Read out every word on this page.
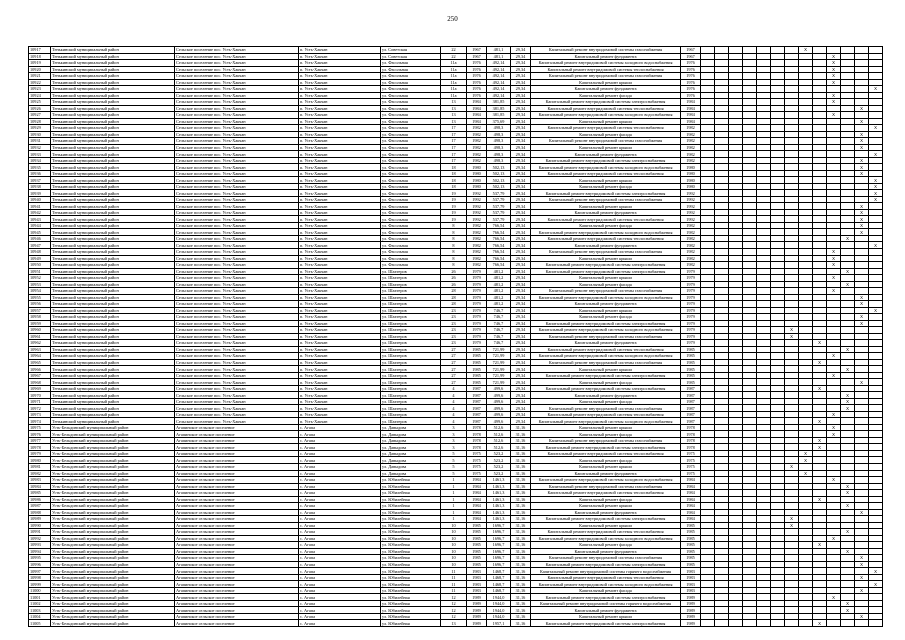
250
10917	Тенькинский муниципальный район	Сельское поселение пос. Усть-Хакчан	п. Усть-Хакчан	ул. Советская	22	1967	481,1	29,34	Капитальный ремонт внутридомовой системы газоснабжения	1967								X					
10918	Тенькинский муниципальный район	Сельское поселение пос. Усть-Хакчан	п. Усть-Хакчан	ул. Советская	22	1967	481,1	29,34	Капитальный ремонт фундамента	1967										X			
10919	Тенькинский муниципальный район	Сельское поселение пос. Усть-Хакчан	п. Усть-Хакчан	ул. Фасольная	11а	1976	492,14	29,34	Капитальный ремонт внутридомовой системы холодного водоснабжения	1976										X			
10920	Тенькинский муниципальный район	Сельское поселение пос. Усть-Хакчан	п. Усть-Хакчан	ул. Фасольная	11а	1976	492,14	29,34	Капитальный ремонт внутридомовой системы теплоснабжения	1976										X			
10921	Тенькинский муниципальный район	Сельское поселение пос. Усть-Хакчан	п. Усть-Хакчан	ул. Фасольная	11а	1976	492,14	29,34	Капитальный ремонт внутридомовой системы газоснабжения	1976										X			
10922	Тенькинский муниципальный район	Сельское поселение пос. Усть-Хакчан	п. Усть-Хакчан	ул. Фасольная	11а	1976	492,14	29,34	Капитальный ремонт крыши	1976										X			
10923	Тенькинский муниципальный район	Сельское поселение пос. Усть-Хакчан	п. Усть-Хакчан	ул. Фасольная	11а	1976	492,14	29,34	Капитальный ремонт фундамента	1976													X
10924	Тенькинский муниципальный район	Сельское поселение пос. Усть-Хакчан	п. Усть-Хакчан	ул. Фасольная	11а	1976	492,14	29,34	Капитальный ремонт фасада	1976										X			
10925	Тенькинский муниципальный район	Сельское поселение пос. Усть-Хакчан	п. Усть-Хакчан	ул. Фасольная	13	1984	381,85	29,34	Капитальный ремонт внутридомовой системы электроснабжения	1984										X			
10926	Тенькинский муниципальный район	Сельское поселение пос. Усть-Хакчан	п. Усть-Хакчан	ул. Фасольная	13	1984	381,85	29,34	Капитальный ремонт внутридомовой системы теплоснабжения	1984												X	
10927	Тенькинский муниципальный район	Сельское поселение пос. Усть-Хакчан	п. Усть-Хакчан	ул. Фасольная	13	1984	381,85	29,34	Капитальный ремонт внутридомовой системы холодного водоснабжения	1984										X			
10928	Тенькинский муниципальный район	Сельское поселение пос. Усть-Хакчан	п. Усть-Хакчан	ул. Фасольная	13	1984	375,69	29,34	Капитальный ремонт крыши	1984												X	
10929	Тенькинский муниципальный район	Сельское поселение пос. Усть-Хакчан	п. Усть-Хакчан	ул. Фасольная	17	1982	498,3	29,34	Капитальный ремонт внутридомовой системы теплоснабжения	1982													X
10930	Тенькинский муниципальный район	Сельское поселение пос. Усть-Хакчан	п. Усть-Хакчан	ул. Фасольная	17	1982	498,3	29,34	Капитальный ремонт фасада	1982												X	
10931	Тенькинский муниципальный район	Сельское поселение пос. Усть-Хакчан	п. Усть-Хакчан	ул. Фасольная	17	1982	498,3	29,34	Капитальный ремонт внутридомовой системы газоснабжения	1982												X	
10932	Тенькинский муниципальный район	Сельское поселение пос. Усть-Хакчан	п. Усть-Хакчан	ул. Фасольная	17	1982	498,3	29,34	Капитальный ремонт крыши	1982												X	
10933	Тенькинский муниципальный район	Сельское поселение пос. Усть-Хакчан	п. Усть-Хакчан	ул. Фасольная	17	1982	498,3	29,34	Капитальный ремонт фундамента	1982													X
10934	Тенькинский муниципальный район	Сельское поселение пос. Усть-Хакчан	п. Усть-Хакчан	ул. Фасольная	17	1982	498,3	29,34	Капитальный ремонт внутридомовой системы электроснабжения	1982												X	
10935	Тенькинский муниципальный район	Сельское поселение пос. Усть-Хакчан	п. Усть-Хакчан	ул. Фасольная	18	1980	502,13	29,34	Капитальный ремонт внутридомовой системы холодного водоснабжения	1980												X	
10936	Тенькинский муниципальный район	Сельское поселение пос. Усть-Хакчан	п. Усть-Хакчан	ул. Фасольная	18	1980	502,13	29,34	Капитальный ремонт внутридомовой системы теплоснабжения	1980												X	
10937	Тенькинский муниципальный район	Сельское поселение пос. Усть-Хакчан	п. Усть-Хакчан	ул. Фасольная	18	1980	502,13	29,34	Капитальный ремонт крыши	1980													X
10938	Тенькинский муниципальный район	Сельское поселение пос. Усть-Хакчан	п. Усть-Хакчан	ул. Фасольная	18	1980	502,13	29,34	Капитальный ремонт фасада	1980													X
10939	Тенькинский муниципальный район	Сельское поселение пос. Усть-Хакчан	п. Усть-Хакчан	ул. Фасольная	19	1992	537,79	29,34	Капитальный ремонт внутридомовой системы электроснабжения	1992													X
10940	Тенькинский муниципальный район	Сельское поселение пос. Усть-Хакчан	п. Усть-Хакчан	ул. Фасольная	19	1992	537,79	29,34	Капитальный ремонт внутридомовой системы газоснабжения	1992													X
10941	Тенькинский муниципальный район	Сельское поселение пос. Усть-Хакчан	п. Усть-Хакчан	ул. Фасольная	19	1992	537,79	29,34	Капитальный ремонт крыши	1992												X	
10942	Тенькинский муниципальный район	Сельское поселение пос. Усть-Хакчан	п. Усть-Хакчан	ул. Фасольная	19	1992	537,79	29,34	Капитальный ремонт фундамента	1992												X	
10943	Тенькинский муниципальный район	Сельское поселение пос. Усть-Хакчан	п. Усть-Хакчан	ул. Фасольная	19	1992	537,79	29,34	Капитальный ремонт внутридомовой системы теплоснабжения	1992												X	
10944	Тенькинский муниципальный район	Сельское поселение пос. Усть-Хакчан	п. Усть-Хакчан	ул. Фасольная	8	1982	766,54	29,34	Капитальный ремонт фасада	1982												X	
10945	Тенькинский муниципальный район	Сельское поселение пос. Усть-Хакчан	п. Усть-Хакчан	ул. Фасольная	8	1982	766,54	29,34	Капитальный ремонт внутридомовой системы холодного водоснабжения	1982												X	
10946	Тенькинский муниципальный район	Сельское поселение пос. Усть-Хакчан	п. Усть-Хакчан	ул. Фасольная	8	1982	766,54	29,34	Капитальный ремонт внутридомовой системы теплоснабжения	1982											X		
10947	Тенькинский муниципальный район	Сельское поселение пос. Усть-Хакчан	п. Усть-Хакчан	ул. Фасольная	8	1982	766,54	29,34	Капитальный ремонт фундамента	1982													X
10948	Тенькинский муниципальный район	Сельское поселение пос. Усть-Хакчан	п. Усть-Хакчан	ул. Фасольная	8	1982	766,54	29,34	Капитальный ремонт внутридомовой системы газоснабжения	1982										X			
10949	Тенькинский муниципальный район	Сельское поселение пос. Усть-Хакчан	п. Усть-Хакчан	ул. Фасольная	8	1982	766,54	29,34	Капитальный ремонт крыши	1982										X			
10950	Тенькинский муниципальный район	Сельское поселение пос. Усть-Хакчан	п. Усть-Хакчан	ул. Фасольная	8	1982	766,54	29,34	Капитальный ремонт внутридомовой системы электроснабжения	1982										X			
10951	Тенькинский муниципальный район	Сельское поселение пос. Усть-Хакчан	п. Усть-Хакчан	ул. Шахтеров	26	1979	481,2	29,34	Капитальный ремонт внутридомовой системы электроснабжения	1979											X		
10952	Тенькинский муниципальный район	Сельское поселение пос. Усть-Хакчан	п. Усть-Хакчан	ул. Шахтеров	26	1979	481,2	29,34	Капитальный ремонт крыши	1979										X			
10953	Тенькинский муниципальный район	Сельское поселение пос. Усть-Хакчан	п. Усть-Хакчан	ул. Шахтеров	26	1979	481,2	29,34	Капитальный ремонт фасада	1979											X		
10954	Тенькинский муниципальный район	Сельское поселение пос. Усть-Хакчан	п. Усть-Хакчан	ул. Шахтеров	28	1979	481,2	29,34	Капитальный ремонт внутридомовой системы газоснабжения	1979										X			
10955	Тенькинский муниципальный район	Сельское поселение пос. Усть-Хакчан	п. Усть-Хакчан	ул. Шахтеров	28	1979	481,2	29,34	Капитальный ремонт внутридомовой системы холодного водоснабжения	1979												X	
10956	Тенькинский муниципальный район	Сельское поселение пос. Усть-Хакчан	п. Усть-Хакчан	ул. Шахтеров	28	1979	481,2	29,34	Капитальный ремонт фундамента	1979												X	
10957	Тенькинский муниципальный район	Сельское поселение пос. Усть-Хакчан	п. Усть-Хакчан	ул. Шахтеров	23	1979	746,7	29,34	Капитальный ремонт крыши	1979													X
10958	Тенькинский муниципальный район	Сельское поселение пос. Усть-Хакчан	п. Усть-Хакчан	ул. Шахтеров	23	1979	746,7	29,34	Капитальный ремонт фасада	1979												X	
10959	Тенькинский муниципальный район	Сельское поселение пос. Усть-Хакчан	п. Усть-Хакчан	ул. Шахтеров	23	1979	746,7	29,34	Капитальный ремонт внутридомовой системы электроснабжения	1979												X	
10960	Тенькинский муниципальный район	Сельское поселение пос. Усть-Хакчан	п. Усть-Хакчан	ул. Шахтеров	23	1979	746,7	29,34	Капитальный ремонт внутридомовой системы холодного водоснабжения	1979							X						
10961	Тенькинский муниципальный район	Сельское поселение пос. Усть-Хакчан	п. Усть-Хакчан	ул. Шахтеров	23	1979	746,7	29,34	Капитальный ремонт внутридомовой системы газоснабжения	1979							X						
10962	Тенькинский муниципальный район	Сельское поселение пос. Усть-Хакчан	п. Усть-Хакчан	ул. Шахтеров	23	1979	746,7	29,34	Капитальный ремонт фундамента	1979									X				
10963	Тенькинский муниципальный район	Сельское поселение пос. Усть-Хакчан	п. Усть-Хакчан	ул. Шахтеров	27	1985	721,99	29,34	Капитальный ремонт внутридомовой системы теплоснабжения	1985											X		
10964	Тенькинский муниципальный район	Сельское поселение пос. Усть-Хакчан	п. Усть-Хакчан	ул. Шахтеров	27	1985	721,99	29,34	Капитальный ремонт внутридомовой системы холодного водоснабжения	1985										X			
10965	Тенькинский муниципальный район	Сельское поселение пос. Усть-Хакчан	п. Усть-Хакчан	ул. Шахтеров	27	1985	721,99	29,34	Капитальный ремонт внутридомовой системы газоснабжения	1985									X				
10966	Тенькинский муниципальный район	Сельское поселение пос. Усть-Хакчан	п. Усть-Хакчан	ул. Шахтеров	27	1985	721,99	29,34	Капитальный ремонт крыши	1985											X		
10967	Тенькинский муниципальный район	Сельское поселение пос. Усть-Хакчан	п. Усть-Хакчан	ул. Шахтеров	27	1985	721,99	29,34	Капитальный ремонт внутридомовой системы электроснабжения	1985										X			
10968	Тенькинский муниципальный район	Сельское поселение пос. Усть-Хакчан	п. Усть-Хакчан	ул. Шахтеров	27	1985	721,99	29,34	Капитальный ремонт фасада	1985												X	
10969	Тенькинский муниципальный район	Сельское поселение пос. Усть-Хакчан	п. Усть-Хакчан	ул. Шахтеров	4	1987	499,6	29,34	Капитальный ремонт внутридомовой системы электроснабжения	1987									X				
10970	Тенькинский муниципальный район	Сельское поселение пос. Усть-Хакчан	п. Усть-Хакчан	ул. Шахтеров	4	1987	499,6	29,34	Капитальный ремонт фундамента	1987											X		
10971	Тенькинский муниципальный район	Сельское поселение пос. Усть-Хакчан	п. Усть-Хакчан	ул. Шахтеров	4	1987	499,6	29,34	Капитальный ремонт фасада	1987											X		
10972	Тенькинский муниципальный район	Сельское поселение пос. Усть-Хакчан	п. Усть-Хакчан	ул. Шахтеров	4	1987	499,6	29,34	Капитальный ремонт внутридомовой системы газоснабжения	1987											X		
10973	Тенькинский муниципальный район	Сельское поселение пос. Усть-Хакчан	п. Усть-Хакчан	ул. Шахтеров	4	1987	499,6	29,34	Капитальный ремонт внутридомовой системы теплоснабжения	1987										X			
10974	Тенькинский муниципальный район	Сельское поселение пос. Усть-Хакчан	п. Усть-Хакчан	ул. Шахтеров	4	1987	499,6	29,34	Капитальный ремонт внутридомовой системы холодного водоснабжения	1987									X				
10975	Усть-Бельдинский муниципальный район	Агапинское сельское поселение	с. Агапа	ул. Давыдова	3	1978	512,6	31,16	Капитальный ремонт крыши	1978										X			
10976	Усть-Бельдинский муниципальный район	Агапинское сельское поселение	с. Агапа	ул. Давыдова	3	1978	512,6	31,16	Капитальный ремонт фасада	1978										X			
10977	Усть-Бельдинский муниципальный район	Агапинское сельское поселение	с. Агапа	ул. Давыдова	3	1978	512,6	31,16	Капитальный ремонт внутридомовой системы газоснабжения	1978									X				
10978	Усть-Бельдинский муниципальный район	Агапинское сельское поселение	с. Агапа	ул. Давыдова	3	1978	512,6	31,16	Капитальный ремонт внутридомовой системы электроснабжения	1978									X				
10979	Усть-Бельдинский муниципальный район	Агапинское сельское поселение	с. Агапа	ул. Давыдова	5	1975	523,2	31,16	Капитальный ремонт внутридомовой системы теплоснабжения	1975								X					
10980	Усть-Бельдинский муниципальный район	Агапинское сельское поселение	с. Агапа	ул. Давыдова	5	1975	523,2	31,16	Капитальный ремонт фасада	1975								X					
10981	Усть-Бельдинский муниципальный район	Агапинское сельское поселение	с. Агапа	ул. Давыдова	5	1975	523,2	31,16	Капитальный ремонт крыши	1975							X						
10982	Усть-Бельдинский муниципальный район	Агапинское сельское поселение	с. Агапа	ул. Давыдова	5	1975	523,2	31,16	Капитальный ремонт фундамента	1975								X					
10983	Усть-Бельдинский муниципальный район	Агапинское сельское поселение	с. Агапа	ул. Юбилейная	1	1984	1461,3	31,16	Капитальный ремонт внутридомовой системы холодного водоснабжения	1984										X			
10984	Усть-Бельдинский муниципальный район	Агапинское сельское поселение	с. Агапа	ул. Юбилейная	1	1984	1461,3	31,16	Капитальный ремонт внутридомовой системы газоснабжения	1984											X		
10985	Усть-Бельдинский муниципальный район	Агапинское сельское поселение	с. Агапа	ул. Юбилейная	1	1984	1461,3	31,16	Капитальный ремонт внутридомовой системы теплоснабжения	1984											X		
10986	Усть-Бельдинский муниципальный район	Агапинское сельское поселение	с. Агапа	ул. Юбилейная	1	1984	1461,3	31,16	Капитальный ремонт фасада	1984									X				
10987	Усть-Бельдинский муниципальный район	Агапинское сельское поселение	с. Агапа	ул. Юбилейная	1	1984	1461,3	31,16	Капитальный ремонт крыши	1984											X		
10988	Усть-Бельдинский муниципальный район	Агапинское сельское поселение	с. Агапа	ул. Юбилейная	1	1984	1461,3	31,16	Капитальный ремонт фундамента	1984												X	
10989	Усть-Бельдинский муниципальный район	Агапинское сельское поселение	с. Агапа	ул. Юбилейная	1	1984	1461,3	31,16	Капитальный ремонт внутридомовой системы электроснабжения	1984							X						
10990	Усть-Бельдинский муниципальный район	Агапинское сельское поселение	с. Агапа	ул. Юбилейная	10	1985	1696,7	31,16	Капитальный ремонт крыши	1985							X						
10991	Усть-Бельдинский муниципальный район	Агапинское сельское поселение	с. Агапа	ул. Юбилейная	10	1985	1696,7	31,16	Капитальный ремонт внутридомовой системы теплоснабжения	1985											X		
10992	Усть-Бельдинский муниципальный район	Агапинское сельское поселение	с. Агапа	ул. Юбилейная	10	1985	1696,7	31,16	Капитальный ремонт внутридомовой системы холодного водоснабжения	1985										X			
10993	Усть-Бельдинский муниципальный район	Агапинское сельское поселение	с. Агапа	ул. Юбилейная	10	1985	1696,7	31,16	Капитальный ремонт фасада	1985									X				
10994	Усть-Бельдинский муниципальный район	Агапинское сельское поселение	с. Агапа	ул. Юбилейная	10	1985	1696,7	31,16	Капитальный ремонт фундамента	1985											X		
10995	Усть-Бельдинский муниципальный район	Агапинское сельское поселение	с. Агапа	ул. Юбилейная	10	1985	1696,7	31,16	Капитальный ремонт внутридомовой системы газоснабжения	1985												X	
10996	Усть-Бельдинский муниципальный район	Агапинское сельское поселение	с. Агапа	ул. Юбилейная	10	1985	1696,7	31,16	Капитальный ремонт внутридомовой системы электроснабжения	1985												X	
10997	Усть-Бельдинский муниципальный район	Агапинское сельское поселение	с. Агапа	ул. Юбилейная	11	1983	1468,7	31,16	Капитальный ремонт внутридомовой системы горячего водоснабжения	1983													X
10998	Усть-Бельдинский муниципальный район	Агапинское сельское поселение	с. Агапа	ул. Юбилейная	11	1983	1468,7	31,16	Капитальный ремонт внутридомовой системы теплоснабжения	1983												X	
10999	Усть-Бельдинский муниципальный район	Агапинское сельское поселение	с. Агапа	ул. Юбилейная	11	1983	1468,7	31,16	Капитальный ремонт внутридомовой системы холодного водоснабжения	1983													X
11000	Усть-Бельдинский муниципальный район	Агапинское сельское поселение	с. Агапа	ул. Юбилейная	11	1983	1468,7	31,16	Капитальный ремонт фасада	1983												X	
11001	Усть-Бельдинский муниципальный район	Агапинское сельское поселение	с. Агапа	ул. Юбилейная	12	1989	1944,0	31,16	Капитальный ремонт внутридомовой системы электроснабжения	1989										X			
11002	Усть-Бельдинский муниципальный район	Агапинское сельское поселение	с. Агапа	ул. Юбилейная	12	1989	1944,0	31,16	Капитальный ремонт внутридомовой системы горячего водоснабжения	1989											X		
11003	Усть-Бельдинский муниципальный район	Агапинское сельское поселение	с. Агапа	ул. Юбилейная	12	1989	1944,0	31,16	Капитальный ремонт фундамента	1989											X		
11004	Усть-Бельдинский муниципальный район	Агапинское сельское поселение	с. Агапа	ул. Юбилейная	12	1989	1944,0	31,16	Капитальный ремонт крыши	1989												X	
11005	Усть-Бельдинский муниципальный район	Агапинское сельское поселение	с. Агапа	ул. Юбилейная	13	1989	1957,1	31,16	Капитальный ремонт внутридомовой системы электроснабжения	1989									X				
